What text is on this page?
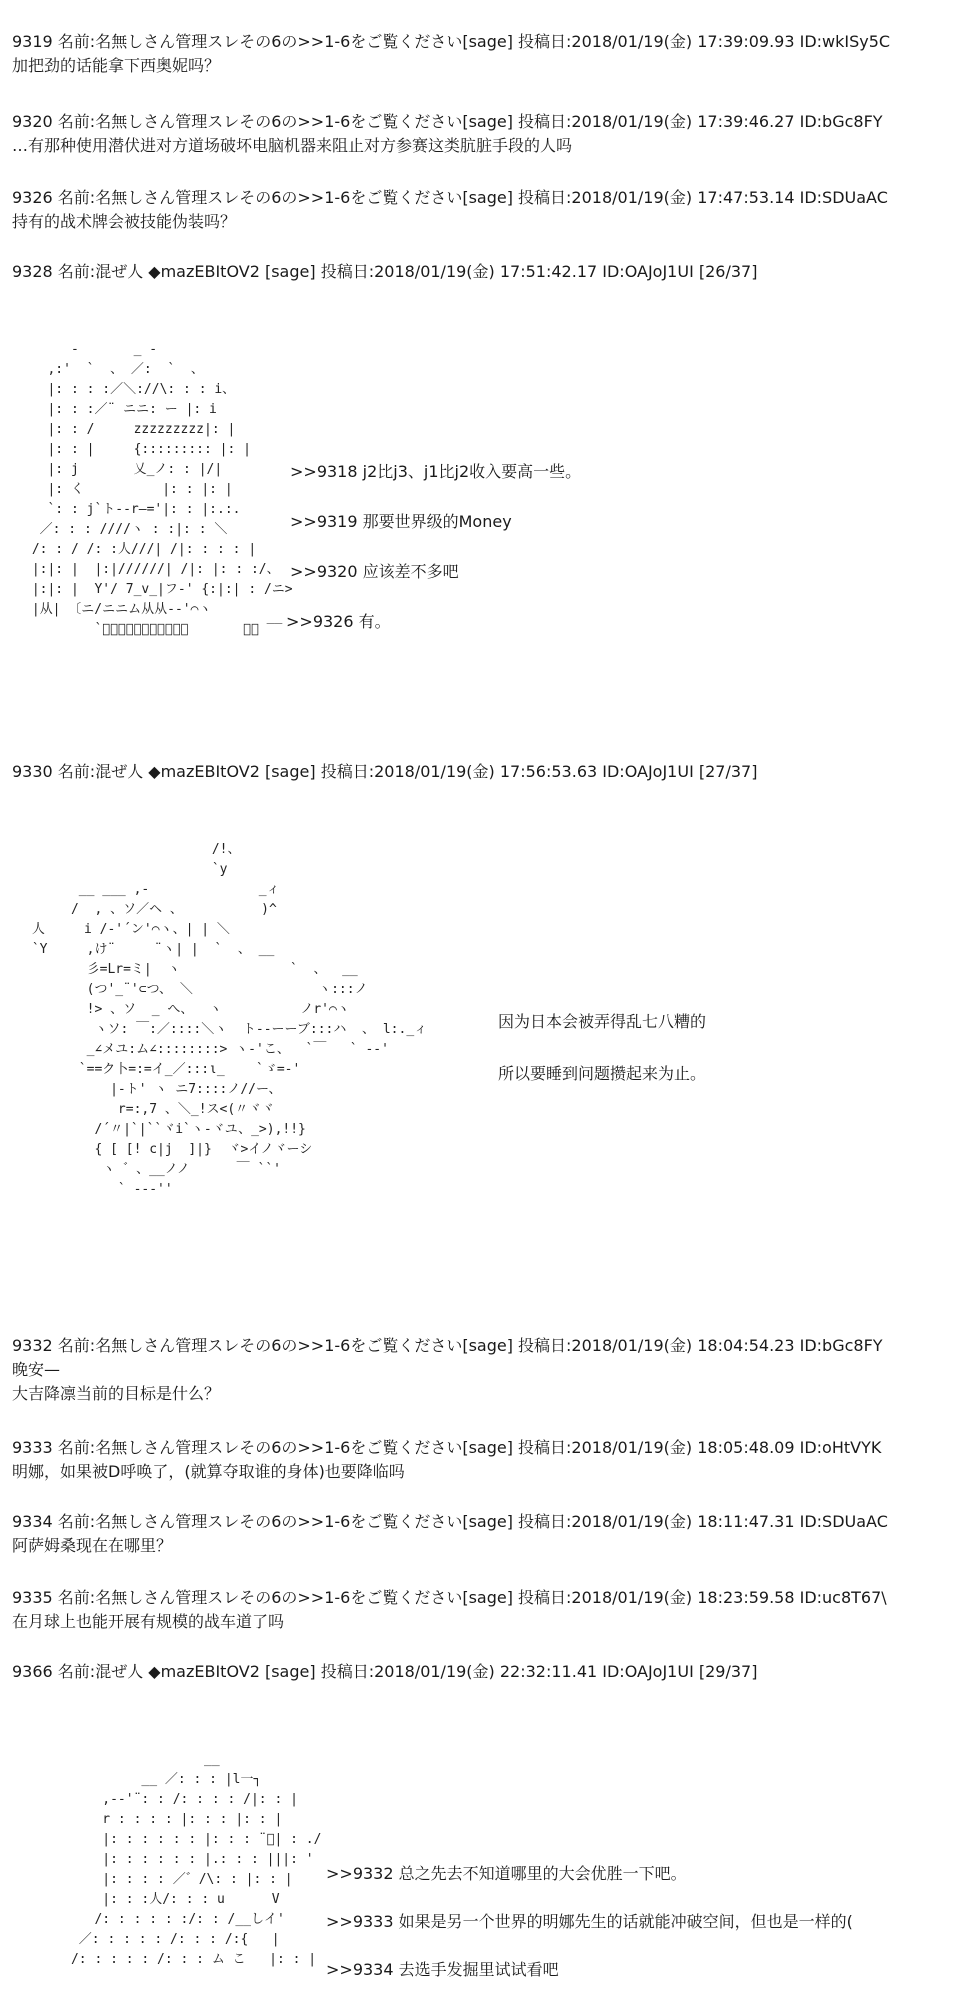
9319 名前:名無しさん管理スレその6の>>1-6をご覧ください[sage] 投稿日:2018/01/19(金) 17:39:09.93 ID:wkISy5C
加把劲的话能拿下西奥妮吗？
9320 名前:名無しさん管理スレその6の>>1-6をご覧ください[sage] 投稿日:2018/01/19(金) 17:39:46.27 ID:bGc8FY
…有那种使用潜伏进对方道场破坏电脑机器来阻止对方参赛这类肮脏手段的人吗
9326 名前:名無しさん管理スレその6の>>1-6をご覧ください[sage] 投稿日:2018/01/19(金) 17:47:53.14 ID:SDUaAC
持有的战术牌会被技能伪装吗？
9328 名前:混ぜ人 ◆mazEBItOV2 [sage] 投稿日:2018/01/19(金) 17:51:42.17 ID:OAJoJ1UI [26/37]
-       _ -
,:'  `  、 ／:  `  、
|: : : :／＼://\: : : i、
|: : :／¨ ニニ: ー |: i
|: : /     zzzzzzzzz|: |
|: : |     {::::::::: |: |
|: j       乂_ノ: : |/|
|: く          |: : |: |
`: : j`ト--r―='|: : |:.:.
／: : : ////ヽ : :|: : ＼
/: : / /: :人///| /|: : : : |
|:|: |  |:|//////| /|: |: : :/、
|:|: |  Y'/ 7_v_|フ-' {:|:| : /ニ>
|从| 〔ニ/ニニム从从--'⌒ヽ
`ﾞﾞﾞﾞﾞﾞﾞﾞﾞﾞﾞ       ￣￣ ‾‾
>>9318 j2比j3、j1比j2收入要高一些。
>>9319 那要世界级的Money
>>9320 应该差不多吧
>>9326 有。
9330 名前:混ぜ人 ◆mazEBItOV2 [sage] 投稿日:2018/01/19(金) 17:56:53.63 ID:OAJoJ1UI [27/37]
/!、
`y
__ ___ ,-              _ィ
/  , 、ソ／ヘ 、          )^
人     i /‐'´ン'⌒ヽ、| | ＼
`Y     ,け¨     ¨ヽ| |  `  、 __
彡=Lr=ミ|  ヽ              `  、  __
(つ'_¨'⊂つ、 ＼                ヽ:::ノ
!> 、ソ  _ へ、  ヽ          ノr'⌒ヽ
ヽソ: ￣:／::::＼ヽ  ト--ーーブ:::ハ  、 l:._ィ
_∠メユ:ム∠::::::::> ヽ-'こ、  `￣   ` --'
`==ク卜=:=イ_／:::ι_    `ゞ=‐'
|-ト' ヽ ニ7::::ノ//ー、
r=:,7 、＼_!ス<(〃ヾヾ
/´〃|`|``ヾi`ヽ-ヾユ、_>),!!}
{ [ [! c|j  ]|}  ヾ>イノヾーシ
ヽ ゛、__ノノ      ￣ ``'
` ---''
因为日本会被弄得乱七八糟的
所以要睡到问题攒起来为止。
9332 名前:名無しさん管理スレその6の>>1-6をご覧ください[sage] 投稿日:2018/01/19(金) 18:04:54.23 ID:bGc8FY
晚安—
大吉降凛当前的目标是什么？
9333 名前:名無しさん管理スレその6の>>1-6をご覧ください[sage] 投稿日:2018/01/19(金) 18:05:48.09 ID:oHtVYK
明娜，如果被D呼唤了，(就算夺取谁的身体)也要降临吗
9334 名前:名無しさん管理スレその6の>>1-6をご覧ください[sage] 投稿日:2018/01/19(金) 18:11:47.31 ID:SDUaAC
阿萨姆桑现在在哪里？
9335 名前:名無しさん管理スレその6の>>1-6をご覧ください[sage] 投稿日:2018/01/19(金) 18:23:59.58 ID:uc8T67\
在月球上也能开展有规模的战车道了吗
9366 名前:混ぜ人 ◆mazEBItOV2 [sage] 投稿日:2018/01/19(金) 22:32:11.41 ID:OAJoJ1UI [29/37]
__
__ ／: : : |l一┐
,-‐'¨: : /: : : : /|: : |
r : : : : |: : : |: : |
|: : : : : : |: : : ¨ﾞ| : ./
|: : : : : : |.: : : |||: '
|: : : : ／゛/\: : |: : |
|: : :人/: : : u      V
/: : : : : :/: : /__しイ'
／: : : : : /: : : /:{   |
/: : : : : /: : : ム こ   |: : |
>>9332 总之先去不知道哪里的大会优胜一下吧。
>>9333 如果是另一个世界的明娜先生的话就能冲破空间，但也是一样的(
>>9334 去选手发掘里试试看吧
